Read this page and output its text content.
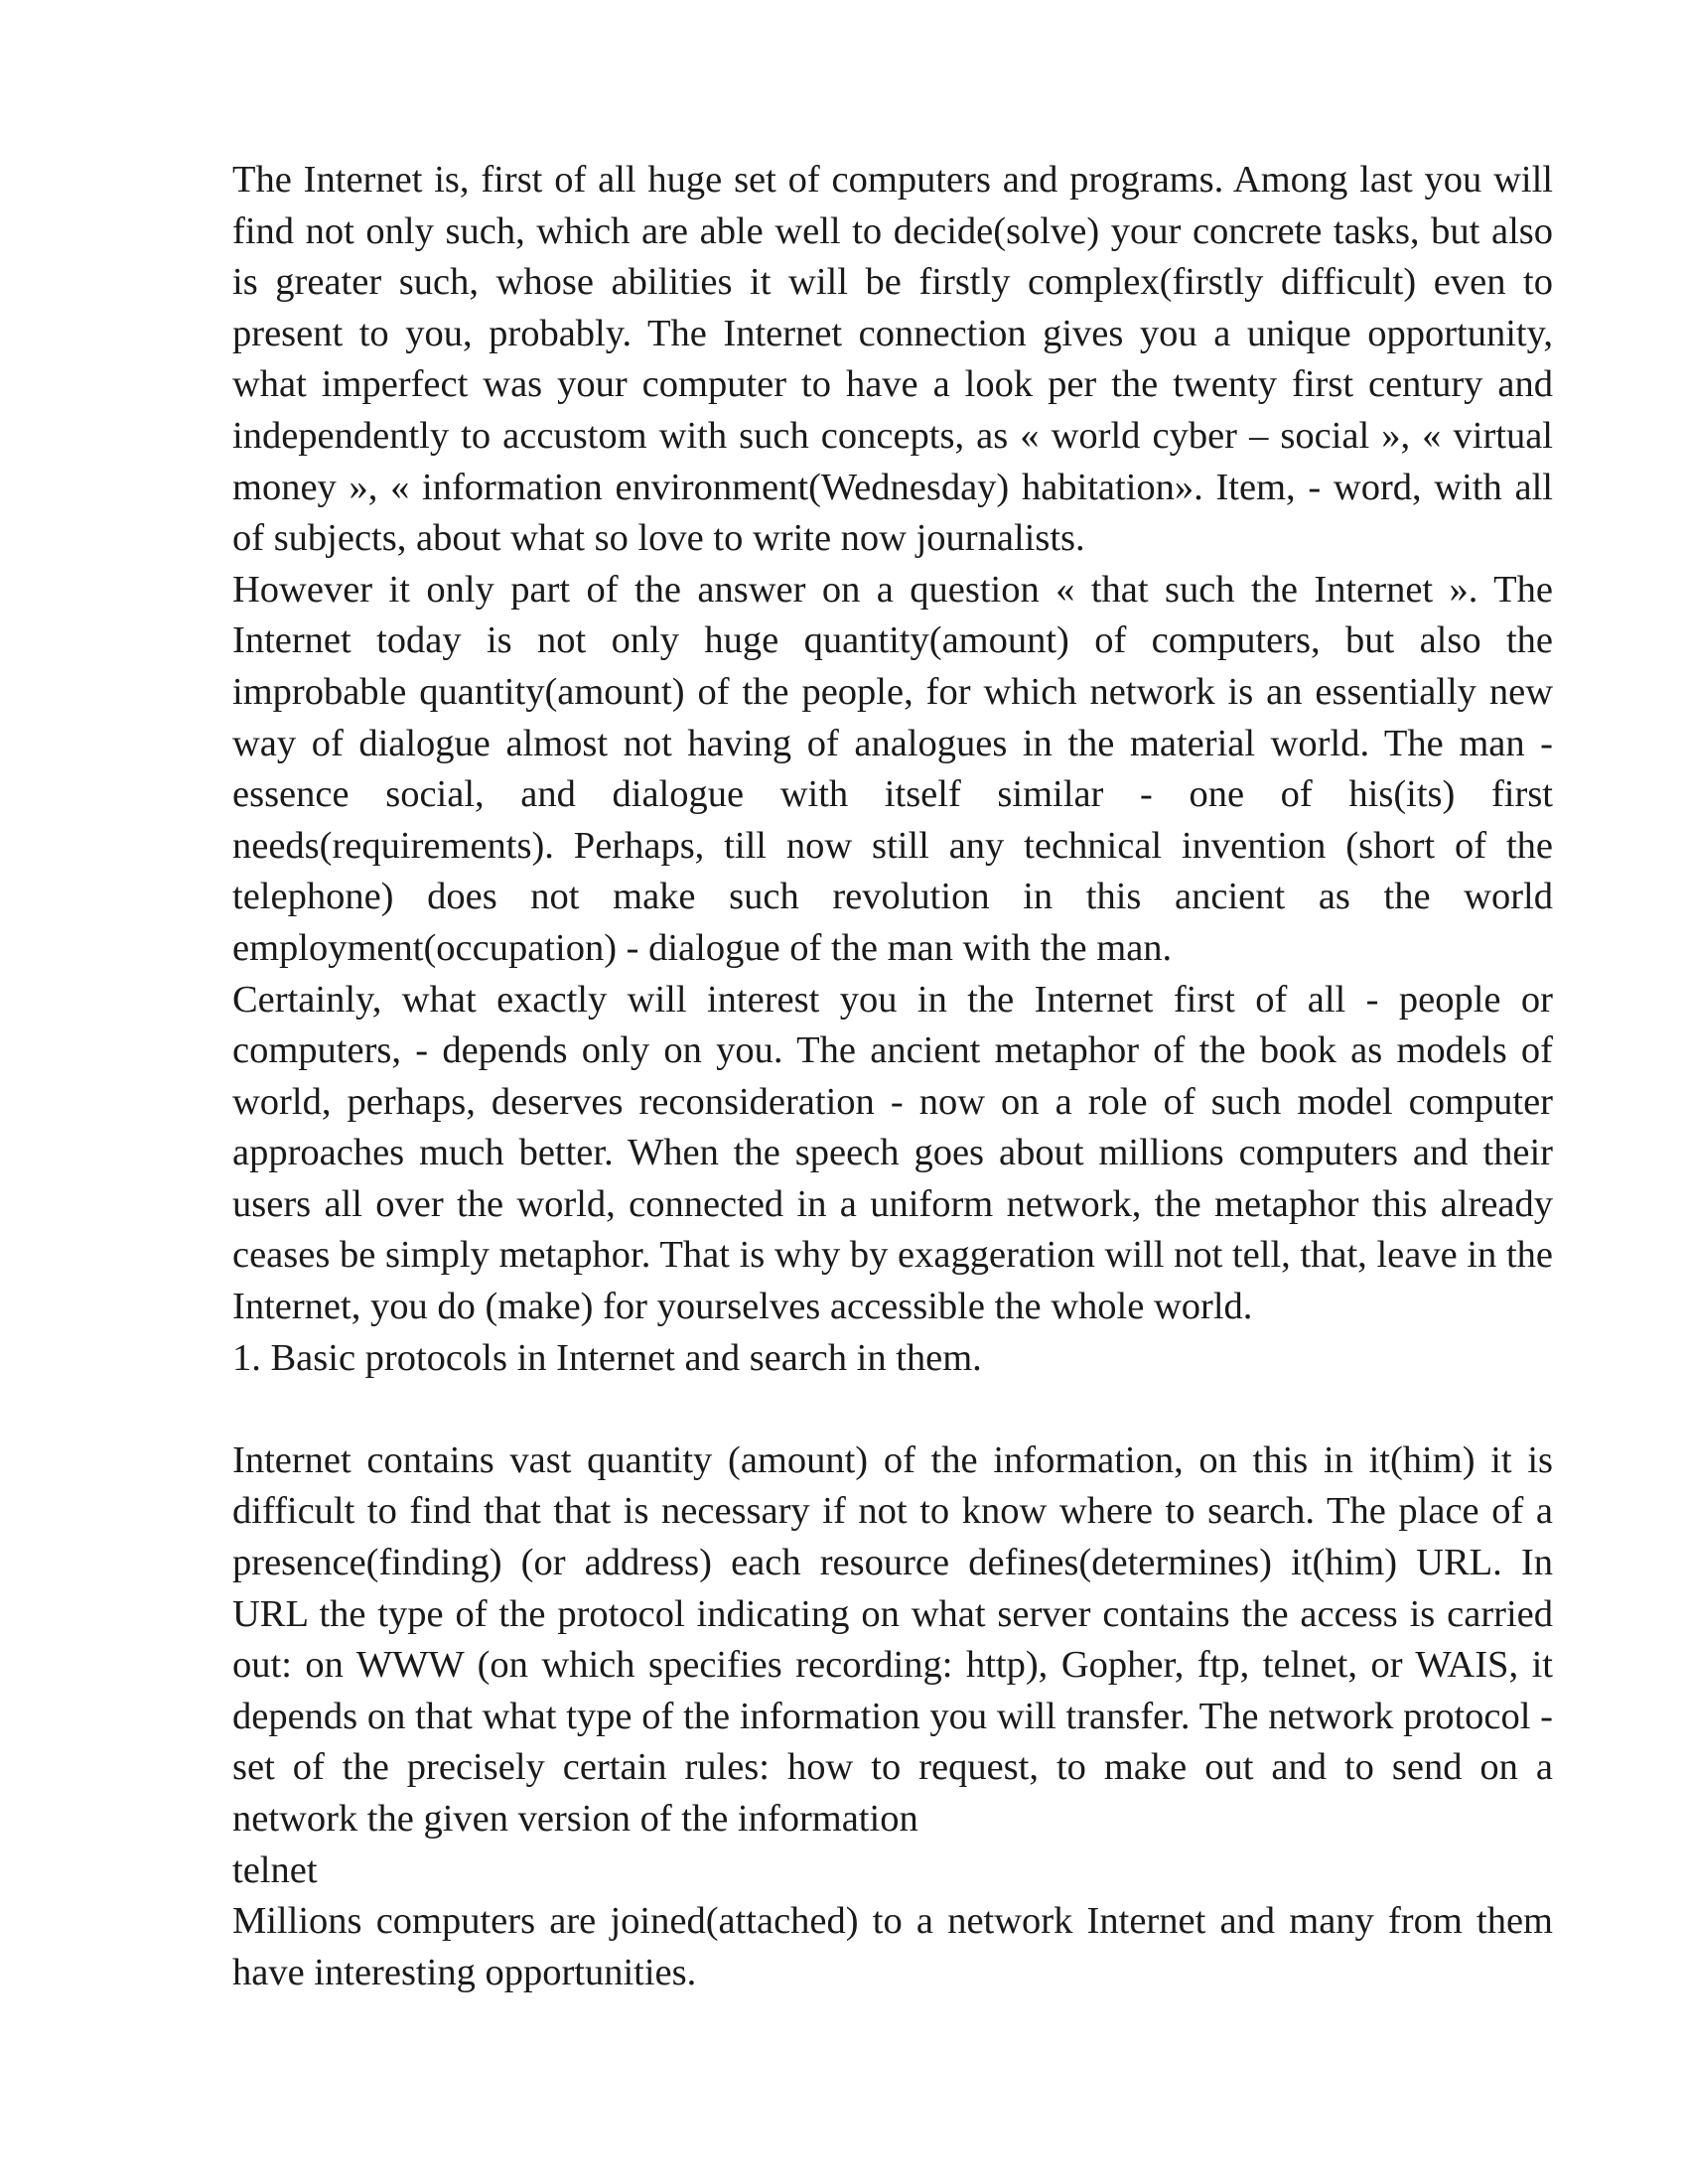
The Internet is, first of all huge set of computers and programs. Among last you will find not only such, which are able well to decide(solve) your concrete tasks, but also is greater such, whose abilities it will be firstly complex(firstly difficult) even to present to you, probably. The Internet connection gives you a unique opportunity, what imperfect was your computer to have a look per the twenty first century and independently to accustom with such concepts, as « world cyber – social », « virtual money », « information environment(Wednesday) habitation». Item, - word, with all of subjects, about what so love to write now journalists.

However it only part of the answer on a question « that such the Internet ». The Internet today is not only huge quantity(amount) of computers, but also the improbable quantity(amount) of the people, for which network is an essentially new way of dialogue almost not having of analogues in the material world. The man - essence social, and dialogue with itself similar - one of his(its) first needs(requirements). Perhaps, till now still any technical invention (short of the telephone) does not make such revolution in this ancient as the world employment(occupation) - dialogue of the man with the man.

Certainly, what exactly will interest you in the Internet first of all - people or computers, - depends only on you. The ancient metaphor of the book as models of world, perhaps, deserves reconsideration - now on a role of such model computer approaches much better. When the speech goes about millions computers and their users all over the world, connected in a uniform network, the metaphor this already ceases be simply metaphor. That is why by exaggeration will not tell, that, leave in the Internet, you do (make) for yourselves accessible the whole world.

1. Basic protocols in Internet and search in them.

Internet contains vast quantity (amount) of the information, on this in it(him) it is difficult to find that that is necessary if not to know where to search. The place of a presence(finding) (or address) each resource defines(determines) it(him) URL. In URL the type of the protocol indicating on what server contains the access is carried out: on WWW (on which specifies recording: http), Gopher, ftp, telnet, or WAIS, it depends on that what type of the information you will transfer. The network protocol - set of the precisely certain rules: how to request, to make out and to send on a network the given version of the information

telnet

Millions computers are joined(attached) to a network Internet and many from them have interesting opportunities.
